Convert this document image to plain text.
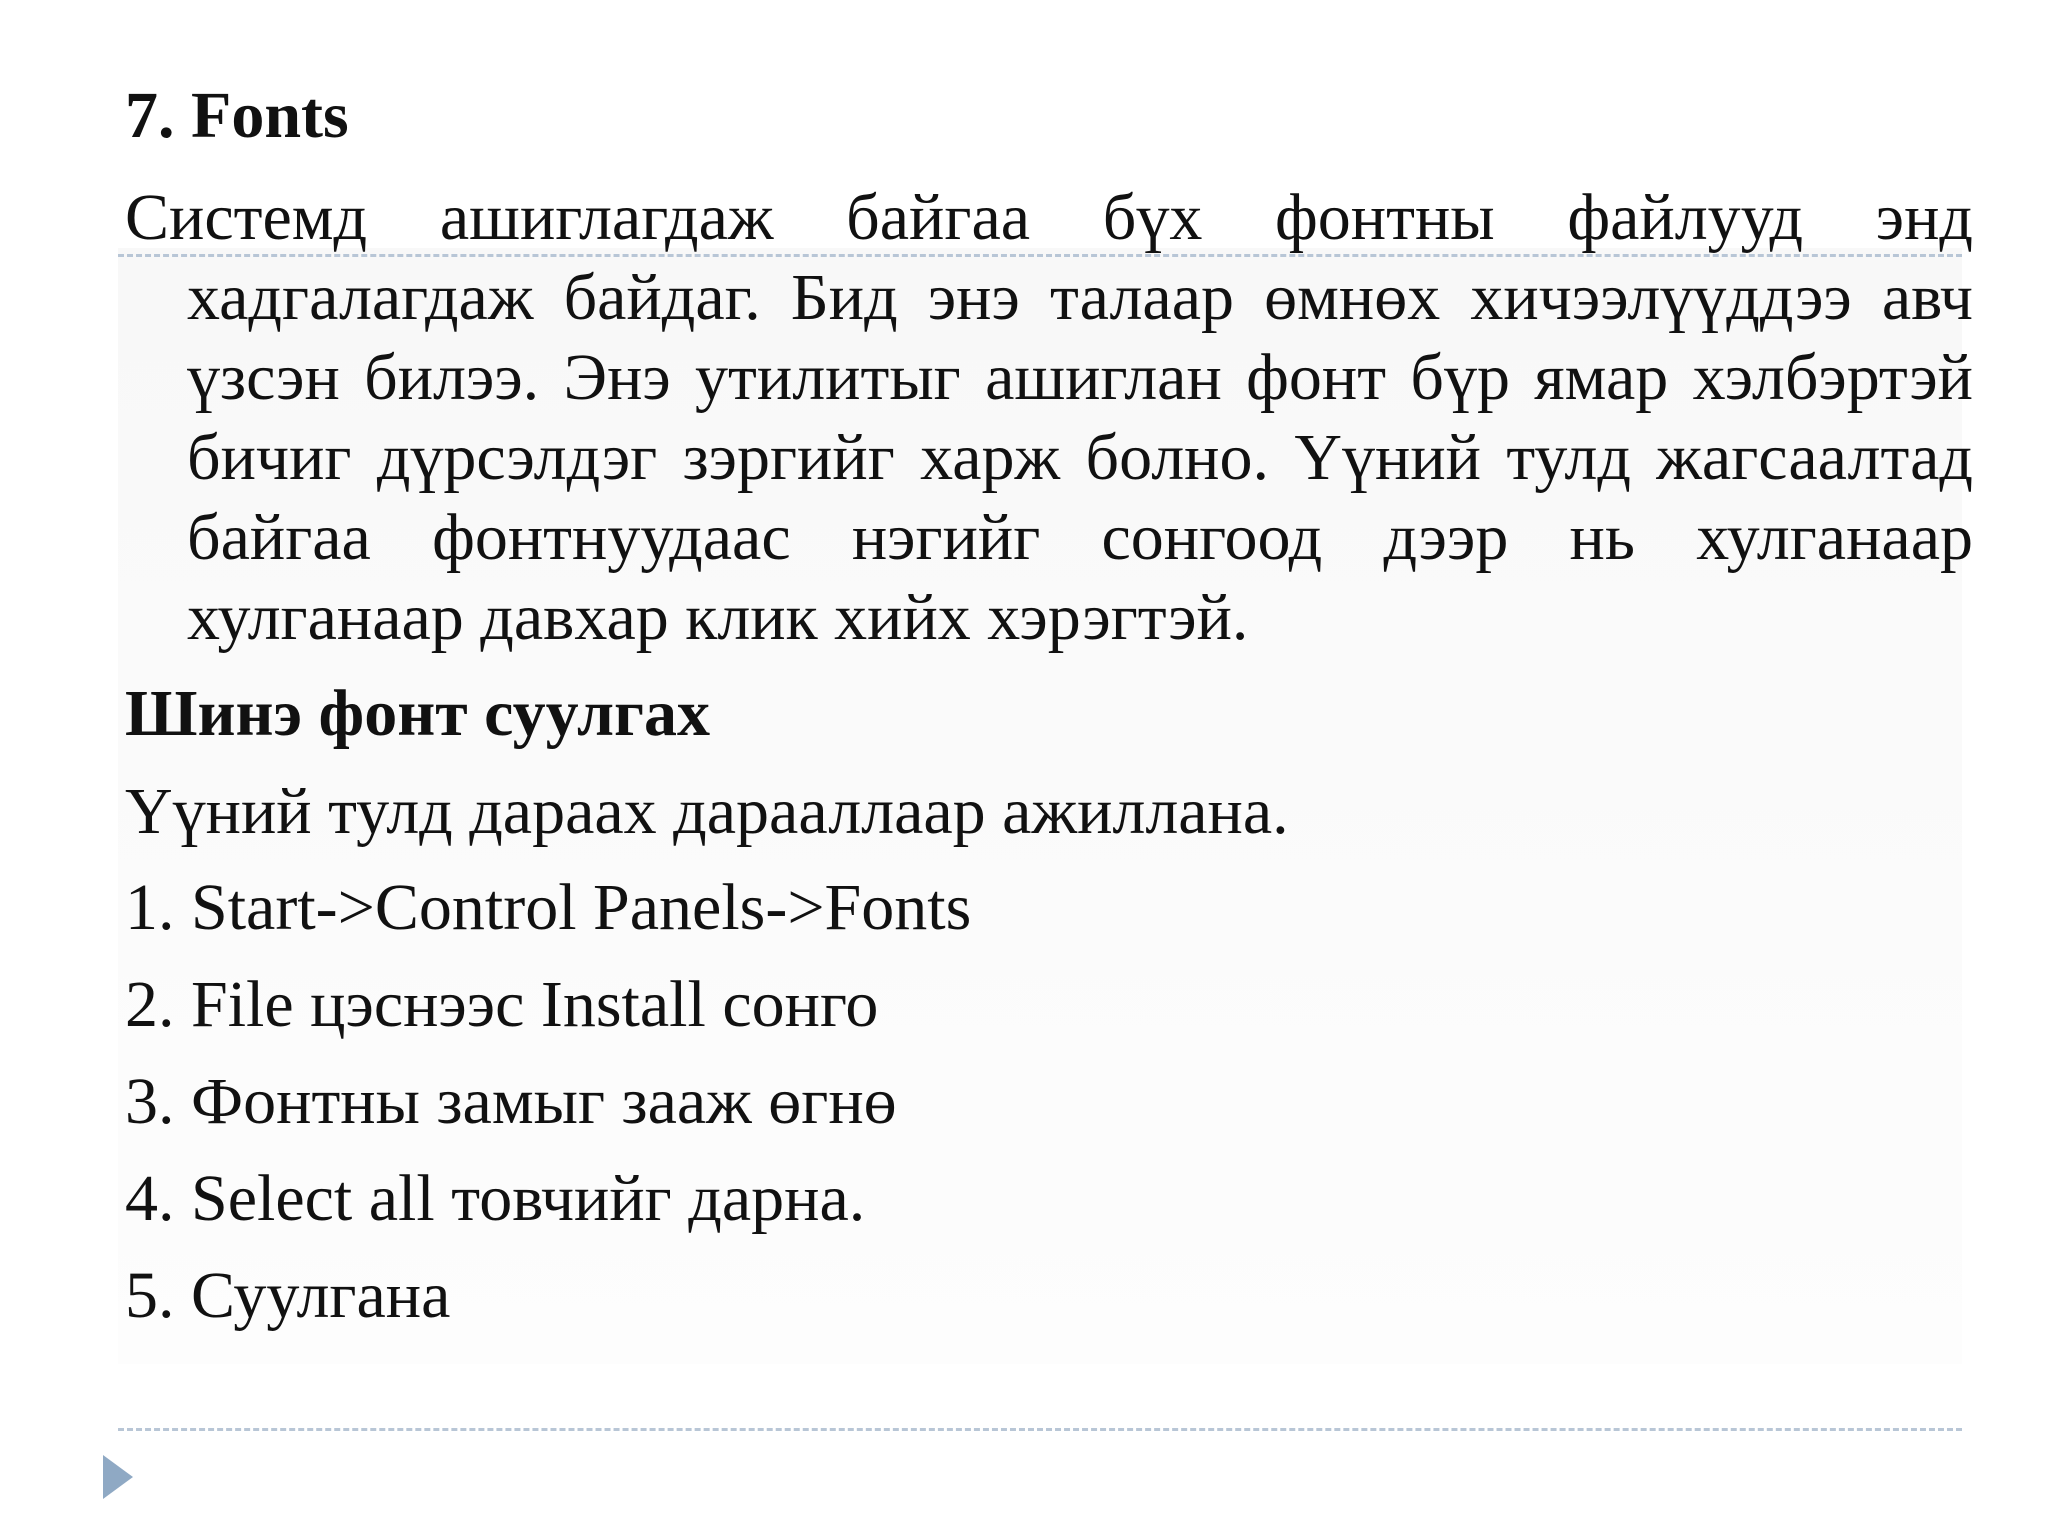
7. Fonts

Системд ашиглагдаж байгаа бүх фонтны файлууд энд хадгалагдаж байдаг. Бид энэ талаар өмнөх хичээлүүддээ авч үзсэн билээ. Энэ утилитыг ашиглан фонт бүр ямар хэлбэртэй бичиг дүрсэлдэг зэргийг харж болно. Үүний тулд жагсаалтад байгаа фонтнуудаас нэгийг сонгоод дээр нь хулганаар хулганаар давхар клик хийх хэрэгтэй.

Шинэ фонт суулгах

Үүний тулд дараах дарааллаар ажиллана.

1. Start->Control Panels->Fonts
2. File цэснээс Install сонго
3. Фонтны замыг зааж өгнө
4. Select all товчийг дарна.
5. Суулгана
